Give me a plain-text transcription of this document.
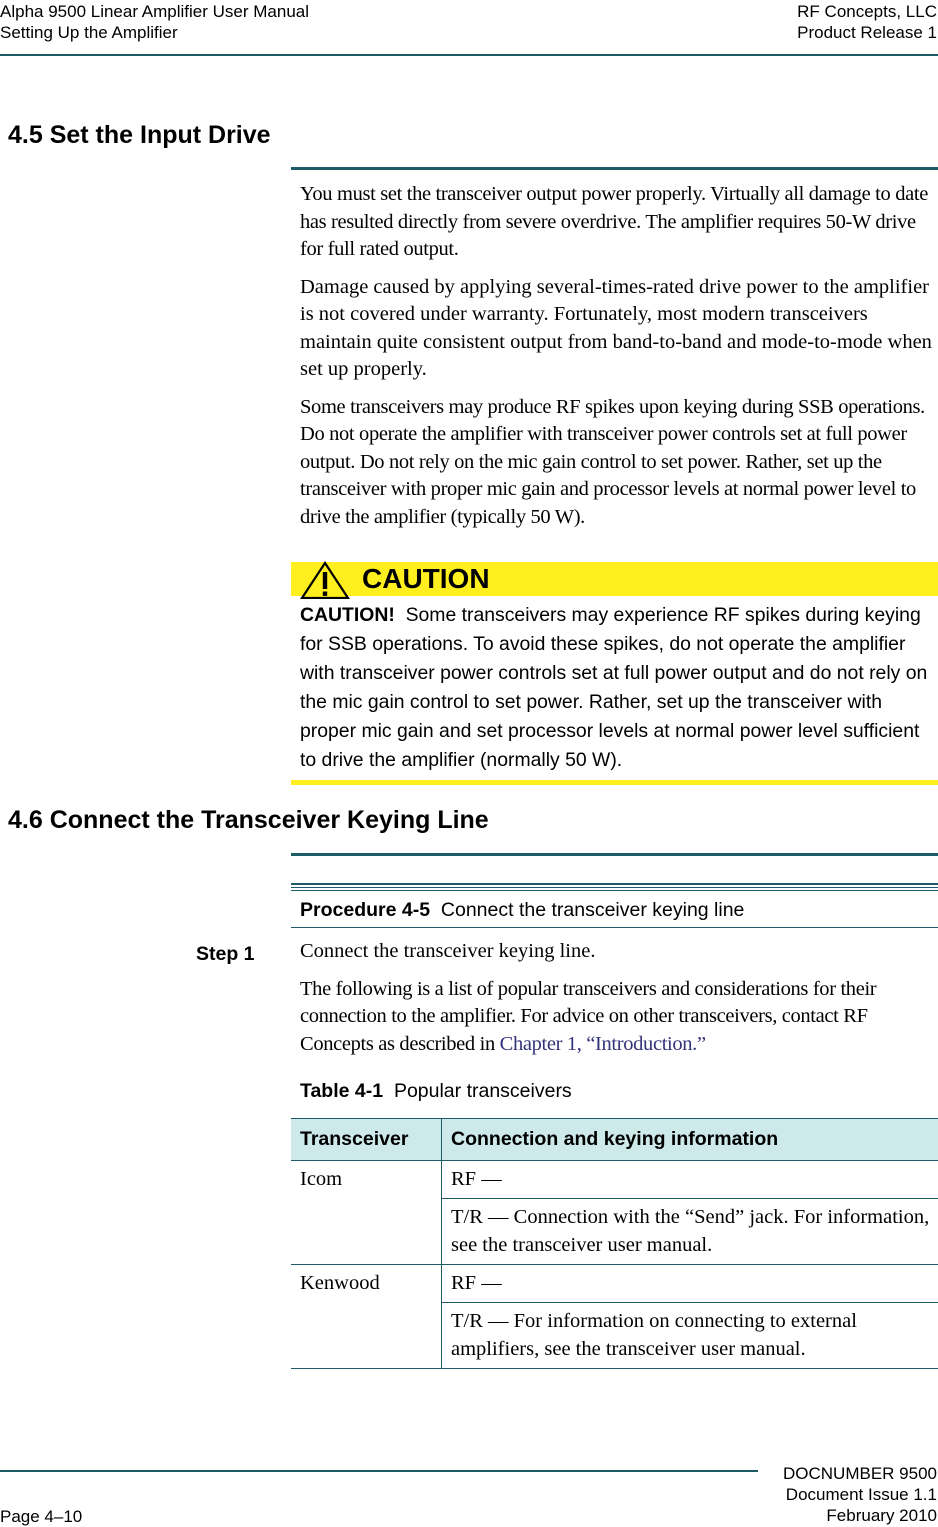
Alpha 9500 Linear Amplifier User Manual
Setting Up the Amplifier
RF Concepts, LLC
Product Release 1
4.5 Set the Input Drive

You must set the transceiver output power properly. Virtually all damage to date has resulted directly from severe overdrive. The amplifier requires 50-W drive for full rated output.

Damage caused by applying several-times-rated drive power to the amplifier is not covered under warranty. Fortunately, most modern transceivers maintain quite consistent output from band-to-band and mode-to-mode when set up properly.

Some transceivers may produce RF spikes upon keying during SSB operations. Do not operate the amplifier with transceiver power controls set at full power output. Do not rely on the mic gain control to set power. Rather, set up the transceiver with proper mic gain and processor levels at normal power level to drive the amplifier (typically 50 W).

CAUTION
CAUTION! Some transceivers may experience RF spikes during keying for SSB operations. To avoid these spikes, do not operate the amplifier with transceiver power controls set at full power output and do not rely on the mic gain control to set power. Rather, set up the transceiver with proper mic gain and set processor levels at normal power level sufficient to drive the amplifier (normally 50 W).
4.6 Connect the Transceiver Keying Line
Procedure 4-5 Connect the transceiver keying line
Step 1 Connect the transceiver keying line.

The following is a list of popular transceivers and considerations for their connection to the amplifier. For advice on other transceivers, contact RF Concepts as described in Chapter 1, “Introduction.”

Table 4-1 Popular transceivers
Transceiver	Connection and keying information
Icom	RF —
	T/R — Connection with the “Send” jack. For information, see the transceiver user manual.
Kenwood	RF —
	T/R — For information on connecting to external amplifiers, see the transceiver user manual.
DOCNUMBER 9500
Document Issue 1.1
February 2010
Page 4–10
